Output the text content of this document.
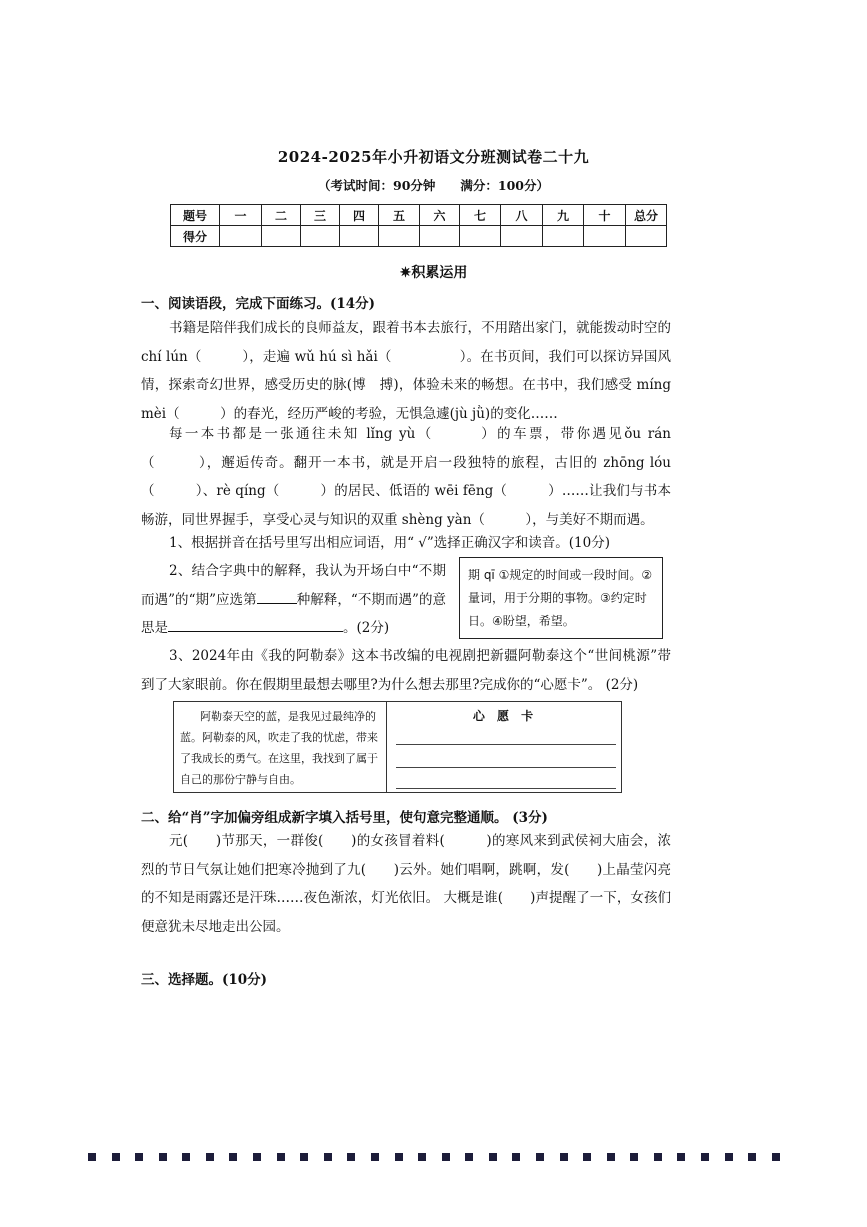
2024-2025年小升初语文分班测试卷二十九
（考试时间：90分钟　　满分：100分）
题号	一	二	三	四	五	六	七	八	九	十	总分
得分											
✷积累运用
一、阅读语段，完成下面练习。(14分)
书籍是陪伴我们成长的良师益友，跟着书本去旅行，不用踏出家门，就能拨动时空的 chí lún（　　　），走遍 wǔ hú sì hǎi（　　　　　）。在书页间，我们可以探访异国风情，探索奇幻世界，感受历史的脉(博　搏)，体验未来的畅想。在书中，我们感受 míng mèi（　　　）的春光，经历严峻的考验，无惧急遽(jù jǜ)的变化……
每一本书都是一张通往未知 lǐng yù（　　　）的车票，带你遇见ǒu rán（　　　），邂逅传奇。翻开一本书，就是开启一段独特的旅程，古旧的 zhōng lóu（　　　）、rè qíng（　　　）的居民、低语的 wēi fēng（　　　）……让我们与书本畅游，同世界握手，享受心灵与知识的双重 shèng yàn（　　　），与美好不期而遇。
1、根据拼音在括号里写出相应词语，用“ √”选择正确汉字和读音。(10分)
2、结合字典中的解释，我认为开场白中“不期而遇”的“期”应选第	种解释，“不期而遇”的意思是	。(2分)
期 qī ①规定的时间或一段时间。②量词，用于分期的事物。③约定时日。④盼望，希望。
3、2024年由《我的阿勒泰》这本书改编的电视剧把新疆阿勒泰这个“世间桃源”带到了大家眼前。你在假期里最想去哪里?为什么想去那里?完成你的“心愿卡”。 (2分)
阿勒泰天空的蓝，是我见过最纯净的蓝。阿勒泰的风，吹走了我的忧虑，带来了我成长的勇气。在这里，我找到了属于自己的那份宁静与自由。
心 愿 卡
二、给“肖”字加偏旁组成新字填入括号里，使句意完整通顺。 (3分)
元(　　)节那天，一群俊(　　)的女孩冒着料(　　　)的寒风来到武侯祠大庙会，浓烈的节日气氛让她们把寒冷抛到了九(　　)云外。她们唱啊，跳啊，发(　　)上晶莹闪亮的不知是雨露还是汗珠……夜色渐浓，灯光依旧。 大概是谁(　　)声提醒了一下，女孩们便意犹未尽地走出公园。
三、选择题。(10分)
